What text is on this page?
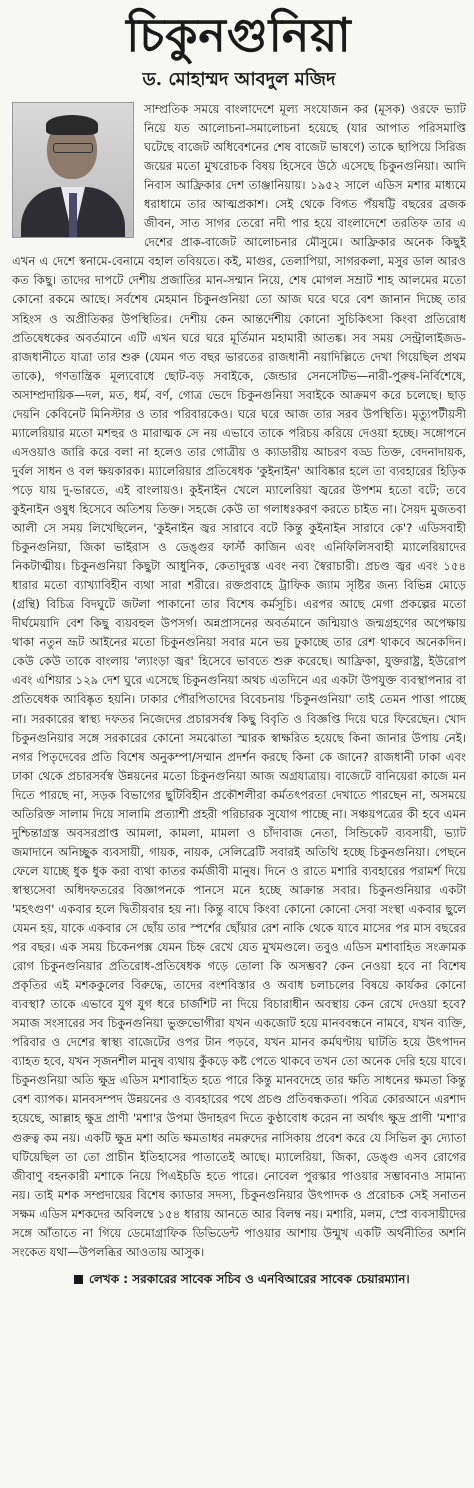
চিকুনগুনিয়া
ড. মোহাম্মদ আবদুল মজিদ

সাম্প্রতিক সময়ে বাংলাদেশে মূল্য সংযোজন কর (মূসক) ওরফে ভ্যাট নিয়ে যত আলোচনা-সমালোচনা হয়েছে (যার আপাত পরিসমাপ্তি ঘটেছে বাজেট অধিবেশনের শেষ বাজেট ভাষণে) তাকে ছাপিয়ে সিরিজ জয়ের মতো মুখরোচক বিষয় হিসেবে উঠে এসেছে চিকুনগুনিয়া। আদি নিবাস আফ্রিকার দেশ তাঞ্জানিয়ায়। ১৯৫২ সালে এডিস মশার মাধ্যমে ধরাধামে তার আত্মপ্রকাশ। সেই থেকে বিগত পঁয়ষট্টি বছরের ব্রজক জীবন, সাত সাগর তেরো নদী পার হয়ে বাংলাদেশে তরতিফ তার এ দেশের প্রাক-বাজেট আলোচনার মৌসুমে। আফ্রিকার অনেক কিছুই এখন এ দেশে স্বনামে-বেনামে বহাল তবিয়তে। কই, মাগুর, তেলাপিয়া, সাগরকলা, মসুর ডাল আরও কত কিছু। তাদের দাপটে দেশীয় প্রজাতির মান-সম্মান নিয়ে, শেষ মোগল সম্রাট শাহ আলমের মতো কোনো রকমে আছে। সর্বশেষ মেহমান চিকুনগুনিয়া তো আজ ঘরে ঘরে বেশ জানান দিচ্ছে তার সহিংস ও অপ্রীতিকর উপস্থিতির। দেশীয় কেন আন্তর্দেশীয় কোনো সুচিকিৎসা কিংবা প্রতিরোধ প্রতিষেধকের অবর্তমানে এটি এখন ঘরে ঘরে মূর্তিমান মহামারী আতঙ্ক। সব সময় সেন্ট্রালাইজড-রাজধানীতে যাত্রা তার শুরু (যেমন গত বছর ভারতের রাজধানী নয়াদিল্লিতে দেখা গিয়েছিল প্রথম তাকে), গণতান্ত্রিক মূল্যবোধে ছোট-বড় সবাইকে, জেন্ডার সেনসেটিভ—নারী-পুরুষ-নির্বিশেষে, অসাম্প্রদায়িক—দল, মত, ধর্ম, বর্ণ, গোত্র ভেদে চিকুনগুনিয়া সবাইকে আক্রমণ করে চলেছে। ছাড় দেয়নি কেবিনেট মিনিস্টার ও তার পরিবারকেও। ঘরে ঘরে আজ তার সরব উপস্থিতি। মৃত্যুপটীয়সী ম্যালেরিয়ার মতো মশহুর ও মারাত্মক সে নয় এভাবে তাকে পরিচয় করিয়ে দেওয়া হচ্ছে। সঙ্গোপনে এসওয়াও জারি করে বলা না হলেও তার গোত্রীয় ও ক্যাডারীয় আচরণ বড্ড তিক্ত, বেদনাদায়ক, দুর্বল সাধন ও বল ক্ষয়কারক। ম্যালেরিয়ার প্রতিষেধক 'কুইনাইন' আবিষ্কার হলে তা ব্যবহারের হিড়িক পড়ে যায় দু-ভারতে, এই বাংলায়ও। কুইনাইন খেলে ম্যালেরিয়া জ্বরের উপশম হতো বটে; তবে কুইনাইন ওষুধ হিসেবে অতিশয় তিক্ত। সহজে কেউ তা গলাধঃকরণ করতে চাইত না। সৈয়দ মুজতবা আলী সে সময় লিখেছিলেন, 'কুইনাইন জ্বর সারাবে বটে কিন্তু কুইনাইন সারাবে কে'? এডিসবাহী চিকুনগুনিয়া, জিকা ভাইরাস ও ডেঙ্গুর ফার্স্ট কাজিন এবং এনিফিলিসবাহী ম্যালেরিয়াদের নিকটাত্মীয়। চিকুনগুনিয়া কিছুটা আধুনিক, কেতাদুরস্ত এবং নব্য স্বৈরাচারী। প্রচণ্ড জ্বর এবং ১৫৪ ধারার মতো ব্যাখ্যাবিহীন ব্যথা সারা শরীরে। রক্তপ্রবাহে ট্রাফিক জ্যাম সৃষ্টির জন্য বিভিন্ন মোড়ে (গ্রন্থি) বিচিত্র বিদঘুটে জটলা পাকানো তার বিশেষ কর্মসূচি। এরপর আছে মেগা প্রকল্পের মতো দীর্ঘমেয়াদি বেশ কিছু ব্যয়বহুল উপসর্গ। অন্নপ্রাসনের অবর্তমানে জন্মিয়াও জন্মগ্রহণের অপেক্ষায় থাকা নতুন ভ্রূট আইনের মতো চিকুনগুনিয়া সবার মনে ভয় ঢুকাচ্ছে তার রেশ থাকবে অনেকদিন। কেউ কেউ তাকে বাংলায় 'ল্যাংড়া জ্বর' হিসেবে ভাবতে শুরু করেছে। আফ্রিকা, যুক্তরাষ্ট্র, ইউরোপ এবং এশিয়ার ১২৯ দেশ ঘুরে এসেছে চিকুনগুনিয়া অথচ এতদিনে এর একটা উপযুক্ত ব্যবস্থাপনার বা প্রতিষেধক আবিষ্কৃত হয়নি। ঢাকার পৌরপিতাদের বিবেচনায় 'চিকুনগুনিয়া' তাই তেমন পাত্তা পাচ্ছে না। সরকারের স্বাস্থ্য দফতর নিজেদের প্রচারসর্বস্ব কিছু বিবৃতি ও বিজ্ঞপ্তি দিয়ে ঘরে ফিরেছেন। খোদ চিকুনগুনিয়ার সঙ্গে সরকারের কোনো সমঝোতা স্মারক স্বাক্ষরিত হয়েছে কিনা জানার উপায় নেই। নগর পিতৃদেবের প্রতি বিশেষ অনুকম্পা/সম্মান প্রদর্শন করছে কিনা কে জানে? রাজধানী ঢাকা এবং ঢাকা থেকে প্রচারসর্বস্ব উন্নয়নের মতো চিকুনগুনিয়া আজ অগ্রযাত্রায়। বাজেটে বানিয়েরা কাজে মন দিতে পারছে না, সড়ক বিভাগের ছুটিবিহীন প্রকৌশলীরা কর্মতৎপরতা দেখাতে পারছেন না, অসময়ে অতিরিক্ত সালাম দিয়ে সালামি প্রত্যাশী প্রহরী পরিচারক সুযোগ পাচ্ছে না। সঞ্চয়পত্রের কী হবে এমন দুশ্চিন্তাগ্রস্ত অবসরপ্রাপ্ত আমলা, কামলা, মামলা ও চাঁদাবাজ নেতা, সিন্ডিকেট ব্যবসায়ী, ভ্যাট জমাদানে অনিচ্ছুক ব্যবসায়ী, গায়ক, নায়ক, সেলিব্রেটি সবারই অতিথি হচ্ছে চিকুনগুনিয়া। পেছনে ফেলে যাচ্ছে ধুক ধুক করা ব্যথা কাতর কর্মজীবী মানুষ। দিনে ও রাতে মশারি ব্যবহারের পরামর্শ দিয়ে স্বাস্থ্যসেবা অধিদফতরের বিজ্ঞাপনকে পানসে মনে হচ্ছে আক্রান্ত সবার। চিকুনগুনিয়ার একটা 'মহৎগুণ' একবার হলে দ্বিতীয়বার হয় না। কিন্তু বাঘে কিংবা কোনো কোনো সেবা সংস্থা একবার ছুলে যেমন হয়, যাকে একবার সে ছোঁয় তার স্পর্শের ছোঁয়ার রেশ নাকি থেকে যাবে মাসের পর মাস বছরের পর বছর। এক সময় চিকেনপক্স যেমন চিহ্ন রেখে যেত মুখমণ্ডলে। তবুও এডিস মশাবাহিত সংক্রামক রোগ চিকুনগুনিয়ার প্রতিরোধ-প্রতিষেধক গড়ে তোলা কি অসম্ভব? কেন নেওয়া হবে না বিশেষ প্রকৃতির এই মশককুলের বিরুদ্ধে, তাদের বংশবিস্তার ও অবাধ চলাচলের বিষয়ে কার্যকর কোনো ব্যবস্থা? তাকে এভাবে যুগ যুগ ধরে চার্জশিট না দিয়ে বিচারাধীন অবস্থায় কেন রেখে দেওয়া হবে? সমাজ সংসারের সব চিকুনগুনিয়া ভুক্তভোগীরা যখন একজোট হয়ে মানববন্ধনে নামবে, যখন ব্যক্তি, পরিবার ও দেশের স্বাস্থ্য বাজেটের ওপর টান পড়বে, যখন মানব কর্মঘণ্টায় ঘাটতি হয়ে উৎপাদন ব্যাহত হবে, যখন সৃজনশীল মানুষ ব্যথায় কুঁকড়ে কষ্ট পেতে থাকবে তখন তো অনেক দেরি হয়ে যাবে। চিকুনগুনিয়া অতি ক্ষুদ্র এডিস মশাবাহিত হতে পারে কিন্তু মানবদেহে তার ক্ষতি সাধনের ক্ষমতা কিন্তু বেশ ব্যাপক। মানবসম্পদ উন্নয়নের ও ব্যবহারের পথে প্রচণ্ড প্রতিবন্ধকতা। পবিত্র কোরআনে এরশাদ হয়েছে, আল্লাহ ক্ষুদ্র প্রাণী 'মশা'র উপমা উদাহরণ দিতে কুণ্ঠাবোধ করেন না অর্থাৎ ক্ষুদ্র প্রাণী 'মশা'র গুরুত্ব কম নয়। একটি ক্ষুদ্র মশা অতি ক্ষমতাধর নমরুদের নাসিকায় প্রবেশ করে যে সিভিল ক্যু দ্যোতা ঘটিয়েছিল তা তো প্রাচীন ইতিহাসের পাতাতেই আছে। ম্যালেরিয়া, জিকা, ডেঙ্গু এসব রোগের জীবাণু বহনকারী মশাকে নিয়ে পিএইচডি হতে পারে। নোবেল পুরস্কার পাওয়ার সম্ভাবনাও সামান্য নয়। তাই মশক সম্প্রদায়ের বিশেষ ক্যাডার সদস্য, চিকুনগুনিয়ার উৎপাদক ও প্ররোচক সেই সনাতন সক্ষম এডিস মশকদের অবিলম্বে ১৫৪ ধারায় আনতে আর বিলম্ব নয়। মশারি, মলম, স্প্রে ব্যবসায়ীদের সঙ্গে আঁতাতে না গিয়ে ডেমোগ্রাফিক ডিভিডেন্ট পাওয়ার আশায় উন্মুখ একটি অর্থনীতির অশনি সংকেত যথা—উপলব্ধির আওতায় আসুক।

লেখক : সরকারের সাবেক সচিব ও এনবিআরের সাবেক চেয়ারম্যান।
